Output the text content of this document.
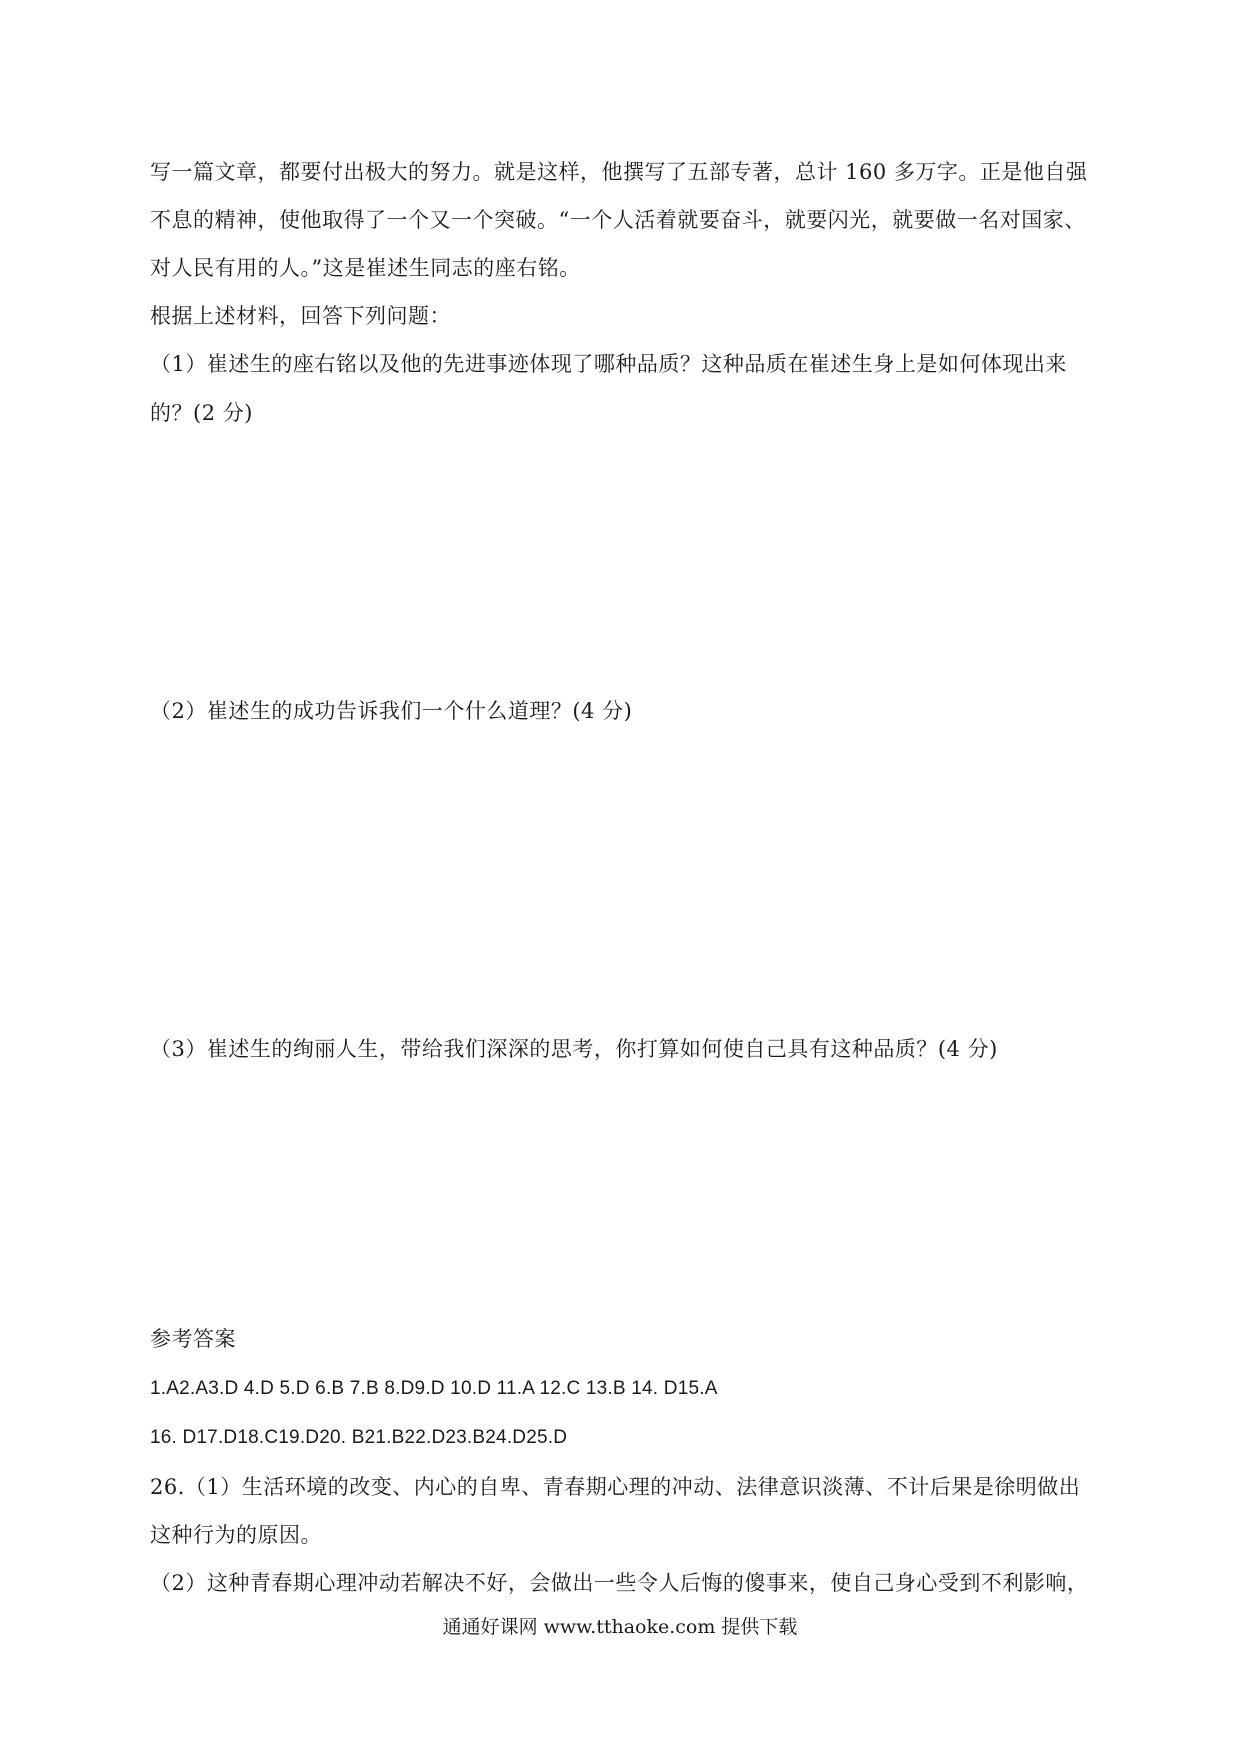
写一篇文章，都要付出极大的努力。就是这样，他撰写了五部专著，总计 160 多万字。正是他自强
不息的精神，使他取得了一个又一个突破。“一个人活着就要奋斗，就要闪光，就要做一名对国家、
对人民有用的人。”这是崔述生同志的座右铭。
根据上述材料，回答下列问题：
（1）崔述生的座右铭以及他的先进事迹体现了哪种品质？这种品质在崔述生身上是如何体现出来
的？(2 分)
（2）崔述生的成功告诉我们一个什么道理？(4 分)
（3）崔述生的绚丽人生，带给我们深深的思考，你打算如何使自己具有这种品质？(4 分)
参考答案
1.A2.A3.D 4.D 5.D 6.B 7.B 8.D9.D 10.D 11.A 12.C 13.B 14. D15.A
16. D17.D18.C19.D20. B21.B22.D23.B24.D25.D
26.（1）生活环境的改变、内心的自卑、青春期心理的冲动、法律意识淡薄、不计后果是徐明做出
这种行为的原因。
（2）这种青春期心理冲动若解决不好，会做出一些令人后悔的傻事来，使自己身心受到不利影响，
通通好课网 www.tthaoke.com 提供下载
